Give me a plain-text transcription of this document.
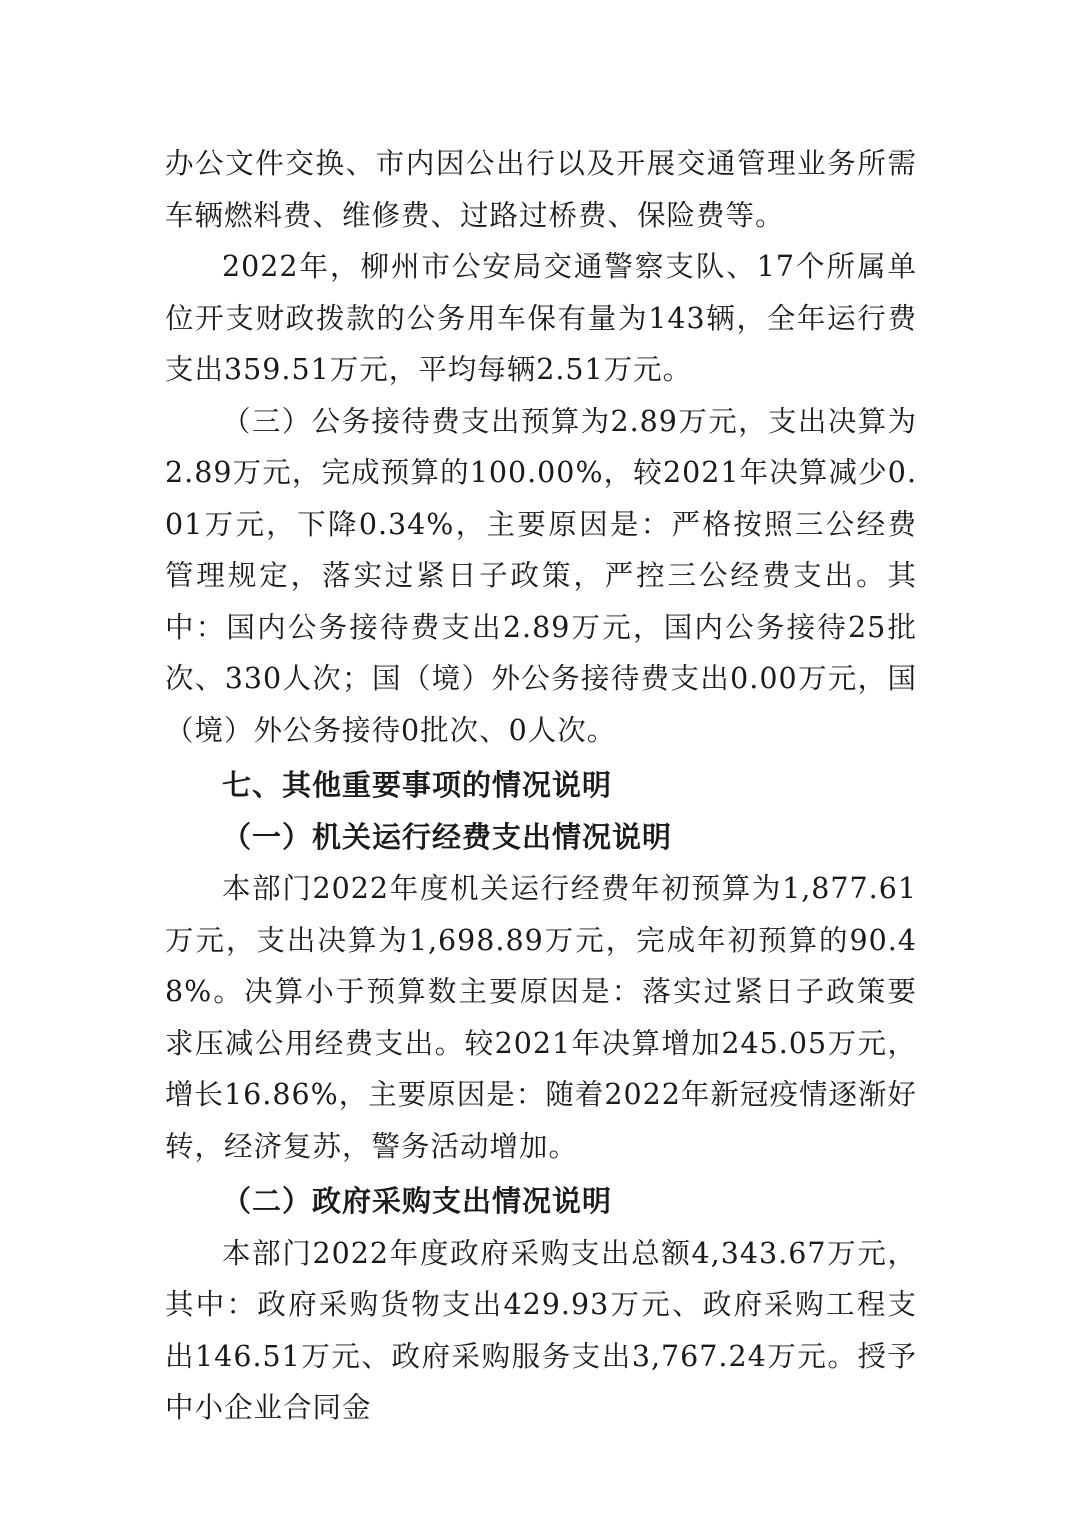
办公文件交换、市内因公出行以及开展交通管理业务所需车辆燃料费、维修费、过路过桥费、保险费等。

2022年，柳州市公安局交通警察支队、17个所属单位开支财政拨款的公务用车保有量为143辆，全年运行费支出359.51万元，平均每辆2.51万元。

（三）公务接待费支出预算为2.89万元，支出决算为2.89万元，完成预算的100.00%，较2021年决算减少0.01万元，下降0.34%，主要原因是：严格按照三公经费管理规定，落实过紧日子政策，严控三公经费支出。其中：国内公务接待费支出2.89万元，国内公务接待25批次、330人次；国（境）外公务接待费支出0.00万元，国（境）外公务接待0批次、0人次。

七、其他重要事项的情况说明

（一）机关运行经费支出情况说明

本部门2022年度机关运行经费年初预算为1,877.61万元，支出决算为1,698.89万元，完成年初预算的90.48%。决算小于预算数主要原因是：落实过紧日子政策要求压减公用经费支出。较2021年决算增加245.05万元，增长16.86%，主要原因是：随着2022年新冠疫情逐渐好转，经济复苏，警务活动增加。

（二）政府采购支出情况说明

本部门2022年度政府采购支出总额4,343.67万元，其中：政府采购货物支出429.93万元、政府采购工程支出146.51万元、政府采购服务支出3,767.24万元。授予中小企业合同金
